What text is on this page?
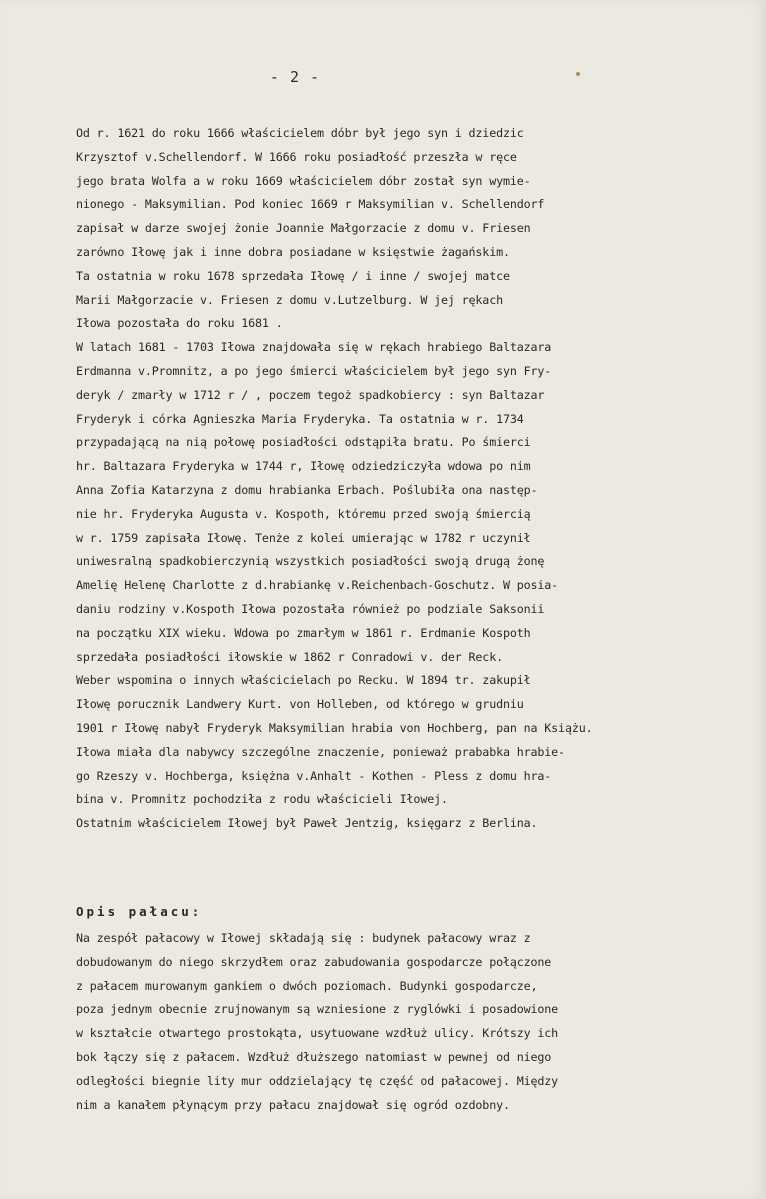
- 2 -
Od r. 1621 do roku 1666 właścicielem dóbr był jego syn i dziedzic
Krzysztof v.Schellendorf. W 1666 roku posiadłość przeszła w ręce
jego brata Wolfa a w roku 1669 właścicielem dóbr został syn wymie-
nionego - Maksymilian. Pod koniec 1669 r Maksymilian v. Schellendorf
zapisał w darze swojej żonie Joannie Małgorzacie z domu v. Friesen
zarówno Iłowę jak i inne dobra posiadane w księstwie żagańskim.
Ta ostatnia w roku 1678 sprzedała Iłowę / i inne / swojej matce
Marii Małgorzacie v. Friesen z domu v.Lutzelburg. W jej rękach
Iłowa pozostała do roku 1681 .
W latach 1681 - 1703 Iłowa znajdowała się w rękach hrabiego Baltazara
Erdmanna v.Promnitz, a po jego śmierci właścicielem był jego syn Fry-
deryk / zmarły w 1712 r / , poczem tegoż spadkobiercy : syn Baltazar
Fryderyk i córka Agnieszka Maria Fryderyka. Ta ostatnia w r. 1734
przypadającą na nią połowę posiadłości odstąpiła bratu. Po śmierci
hr. Baltazara Fryderyka w 1744 r, Iłowę odziedziczyła wdowa po nim
Anna Zofia Katarzyna z domu hrabianka Erbach. Poślubiła ona następ-
nie hr. Fryderyka Augusta v. Kospoth, któremu przed swoją śmiercią
w r. 1759 zapisała Iłowę. Tenże z kolei umierając w 1782 r uczynił
uniwesralną spadkobierczynią wszystkich posiadłości swoją drugą żonę
Amelię Helenę Charlotte z d.hrabiankę v.Reichenbach-Goschutz. W posia-
daniu rodziny v.Kospoth Iłowa pozostała również po podziale Saksonii
na początku XIX wieku. Wdowa po zmarłym w 1861 r. Erdmanie Kospoth
sprzedała posiadłości iłowskie w 1862 r Conradowi v. der Reck.
Weber wspomina o innych właścicielach po Recku. W 1894 tr. zakupił
Iłowę porucznik Landwery Kurt. von Holleben, od którego w grudniu
1901 r Iłowę nabył Fryderyk Maksymilian hrabia von Hochberg, pan na Książu.
Iłowa miała dla nabywcy szczególne znaczenie, ponieważ prababka hrabie-
go Rzeszy v. Hochberga, księżna v.Anhalt - Kothen - Pless z domu hra-
bina v. Promnitz pochodziła z rodu właścicieli Iłowej.
Ostatnim właścicielem Iłowej był Paweł Jentzig, księgarz z Berlina.
Opis pałacu:
Na zespół pałacowy w Iłowej składają się : budynek pałacowy wraz z
dobudowanym do niego skrzydłem oraz zabudowania gospodarcze połączone
z pałacem murowanym gankiem o dwóch poziomach. Budynki gospodarcze,
poza jednym obecnie zrujnowanym są wzniesione z ryglówki i posadowione
w kształcie otwartego prostokąta, usytuowane wzdłuż ulicy. Krótszy ich
bok łączy się z pałacem. Wzdłuż dłuższego natomiast w pewnej od niego
odległości biegnie lity mur oddzielający tę część od pałacowej. Między
nim a kanałem płynącym przy pałacu znajdował się ogród ozdobny.
